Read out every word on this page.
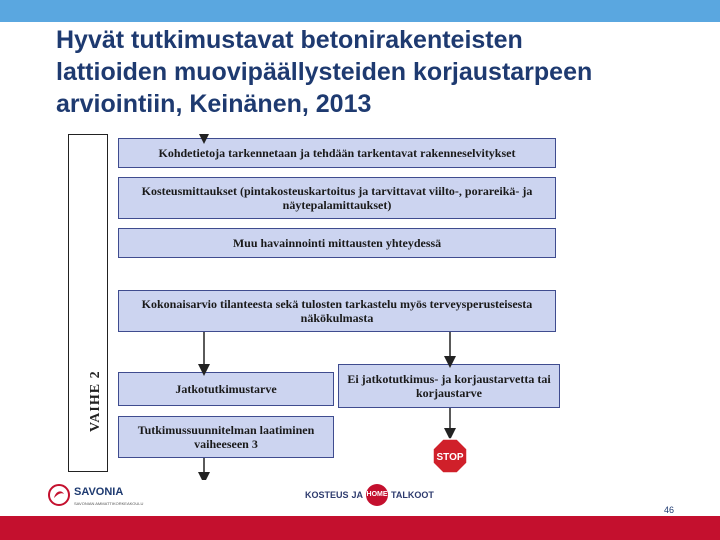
Hyvät tutkimustavat betonirakenteisten
lattioiden muovipäällysteiden korjaustarpeen
arviointiin, Keinänen, 2013
VAIHE 2
Kohdetietoja tarkennetaan ja tehdään tarkentavat rakenneselvitykset
Kosteusmittaukset (pintakosteuskartoitus ja tarvittavat viilto-, porareikä- ja näytepalamittaukset)
Muu havainnointi mittausten yhteydessä
Kokonaisarvio tilanteesta sekä tulosten tarkastelu myös terveysperusteisesta näkökulmasta
Jatkotutkimustarve
Ei jatkotutkimus- ja korjaustarvetta tai korjaustarve
Tutkimussuunnitelman laatiminen vaiheeseen 3
STOP
SAVONIA
SAVONIAN AMMATTIKORKEAKOULU
KOSTEUS JA HOME TALKOOT
46
